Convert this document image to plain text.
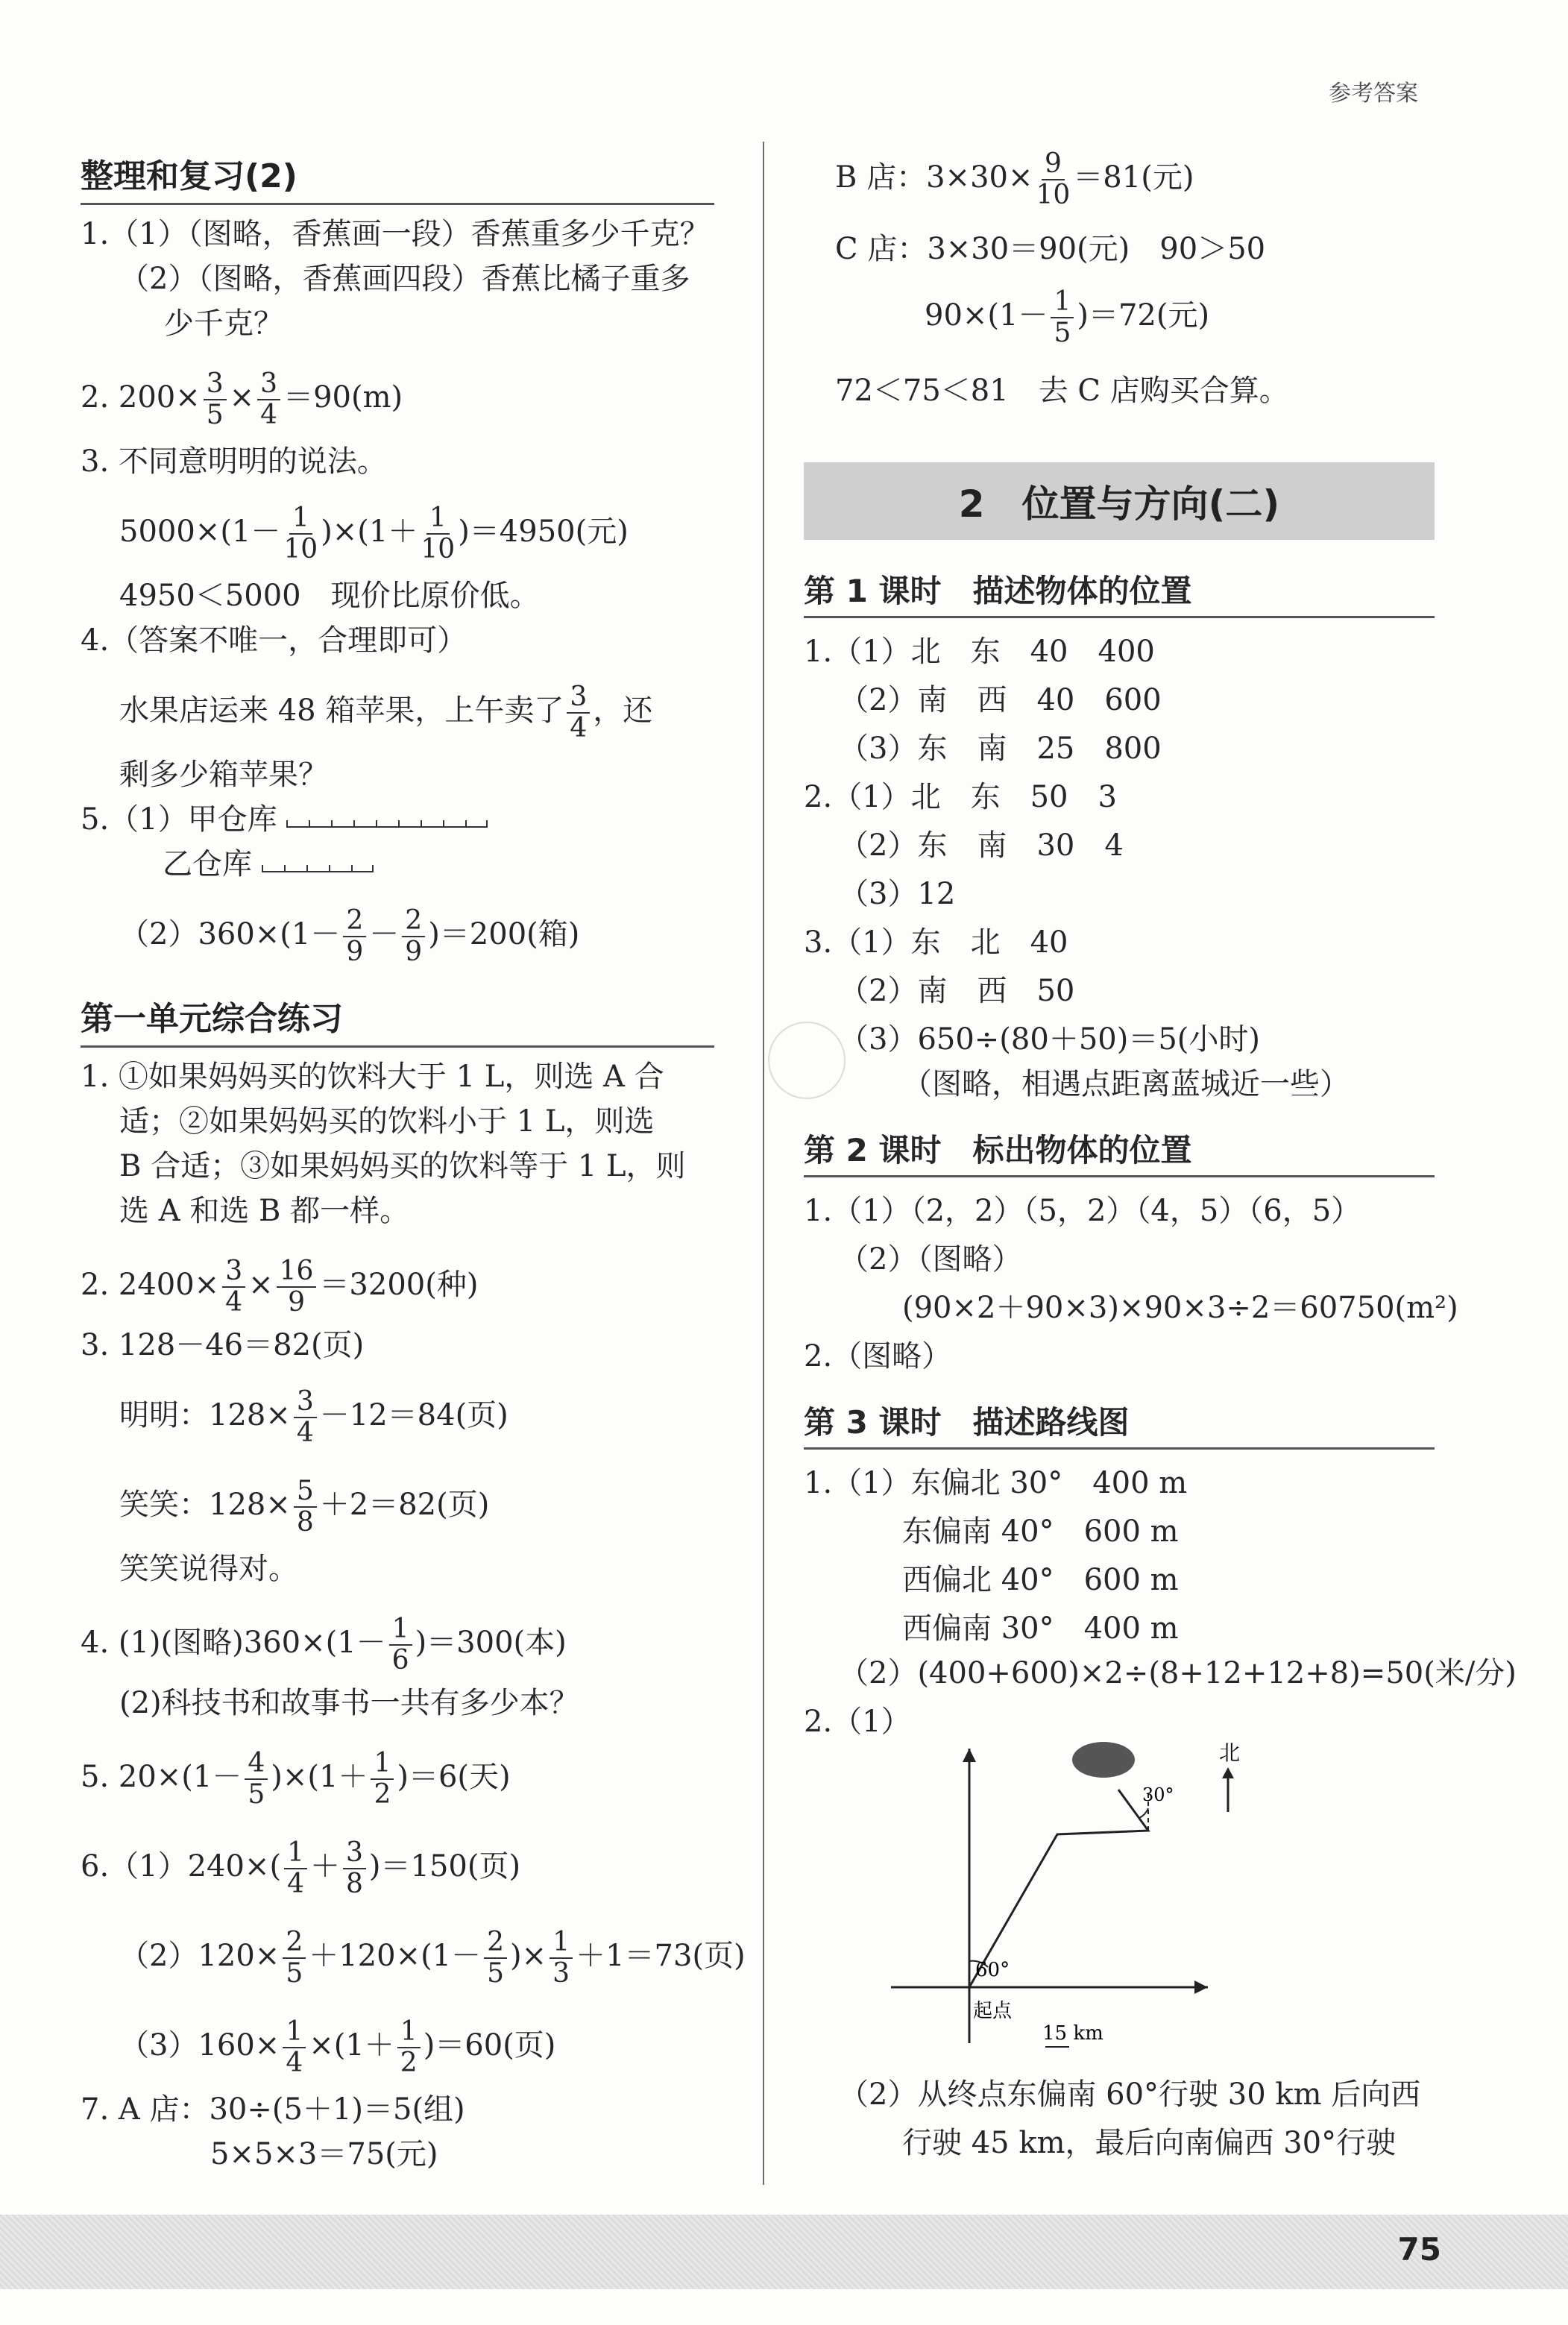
参考答案
整理和复习(2)
1.（1）（图略，香蕉画一段）香蕉重多少千克？
（2）（图略，香蕉画四段）香蕉比橘子重多
少千克？
2. $200\times \frac{3}{5} \times \frac{3}{4} =90(m)$
3. 不同意明明的说法。
$5000\times(1- \frac{1}{10} )\times(1+ \frac{1}{10} )=4950$(元)
4950＜5000　现价比原价低。
4.（答案不唯一，合理即可）
水果店运来 48 箱苹果，上午卖了 $\frac{3}{4}$ ，还
剩多少箱苹果？
5.（1）甲仓库
乙仓库
$(2)360\times(1- \frac{2}{9} - \frac{2}{9} )=200$(箱)
第一单元综合练习
1. ①如果妈妈买的饮料大于 1 L，则选 A 合
适；②如果妈妈买的饮料小于 1 L，则选
B 合适；③如果妈妈买的饮料等于 1 L，则
选 A 和选 B 都一样。
2. $2400\times \frac{3}{4} \times \frac{16}{9} =3200$(种)
3. 128－46＝82(页)
明明：$128\times \frac{3}{4} -12=84$(页)
笑笑：$128\times \frac{5}{8} +2=82$(页)
笑笑说得对。
4. (1)(图略)$360\times(1- \frac{1}{6} )=300$(本)
(2)科技书和故事书一共有多少本？
5. $20\times(1- \frac{4}{5} )\times(1+ \frac{1}{2} )=6$(天)
$6.(1)240\times( \frac{1}{4} + \frac{3}{8} )=150$(页)
$(2)120\times \frac{2}{5} +120\times(1- \frac{2}{5}$ )× $\frac{1}{3} +1=73$(页)
$(3)160\times \frac{1}{4} \times(1+ \frac{1}{2} )=60$(页)
7. A 店：30÷(5＋1)＝5(组)
5×5×3＝75(元)
B 店：$3\times 30\times \frac{9}{10} =81$(元)
C 店：3×30＝90(元)　90＞50
$90\times(1- \frac{1}{5} )=72$(元)
72＜75＜81　去 C 店购买合算。
2　位置与方向(二)
第 1 课时　描述物体的位置
1.（1）北　东　40　400
（2）南　西　40　600
（3）东　南　25　800
2.（1）北　东　50　3
（2）东　南　30　4
（3）12
3.（1）东　北　40
（2）南　西　50
（3）650÷(80＋50)＝5(小时)
（图略，相遇点距离蓝城近一些）
第 2 课时　标出物体的位置
1.（1）（2，2）（5，2）（4，5）（6，5）
（2）（图略）
(90×2＋90×3)×90×3÷2＝60750(m²)
2.（图略）
第 3 课时　描述路线图
1.（1）东偏北 30°　400 m
东偏南 40°　600 m
西偏北 40°　600 m
西偏南 30°　400 m
（2）(400+600)×2÷(8+12+12+8)=50(米/分)
2.（1）
60°
30°
起点
15 km
北
（2）从终点东偏南 60°行驶 30 km 后向西
行驶 45 km，最后向南偏西 30°行驶
75
